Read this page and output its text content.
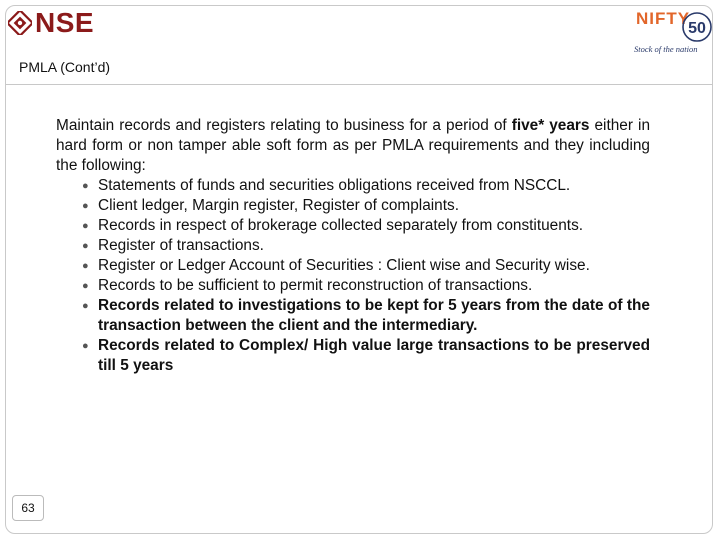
NSE	NIFTY
50
Stock of the nation
PMLA (Cont’d)

Maintain records and registers relating to business for a period of five* years either in hard form or non tamper able soft form as per PMLA requirements and they including the following:

● Statements of funds and securities obligations received from NSCCL.
● Client ledger, Margin register, Register of complaints.
● Records in respect of brokerage collected separately from constituents.
● Register of transactions.
● Register or Ledger Account of Securities : Client wise and Security wise.
● Records to be sufficient to permit reconstruction of transactions.
● Records related to investigations to be kept for 5 years from the date of the transaction between the client and the intermediary.
● Records related to Complex/ High value large transactions to be preserved till 5 years
63
